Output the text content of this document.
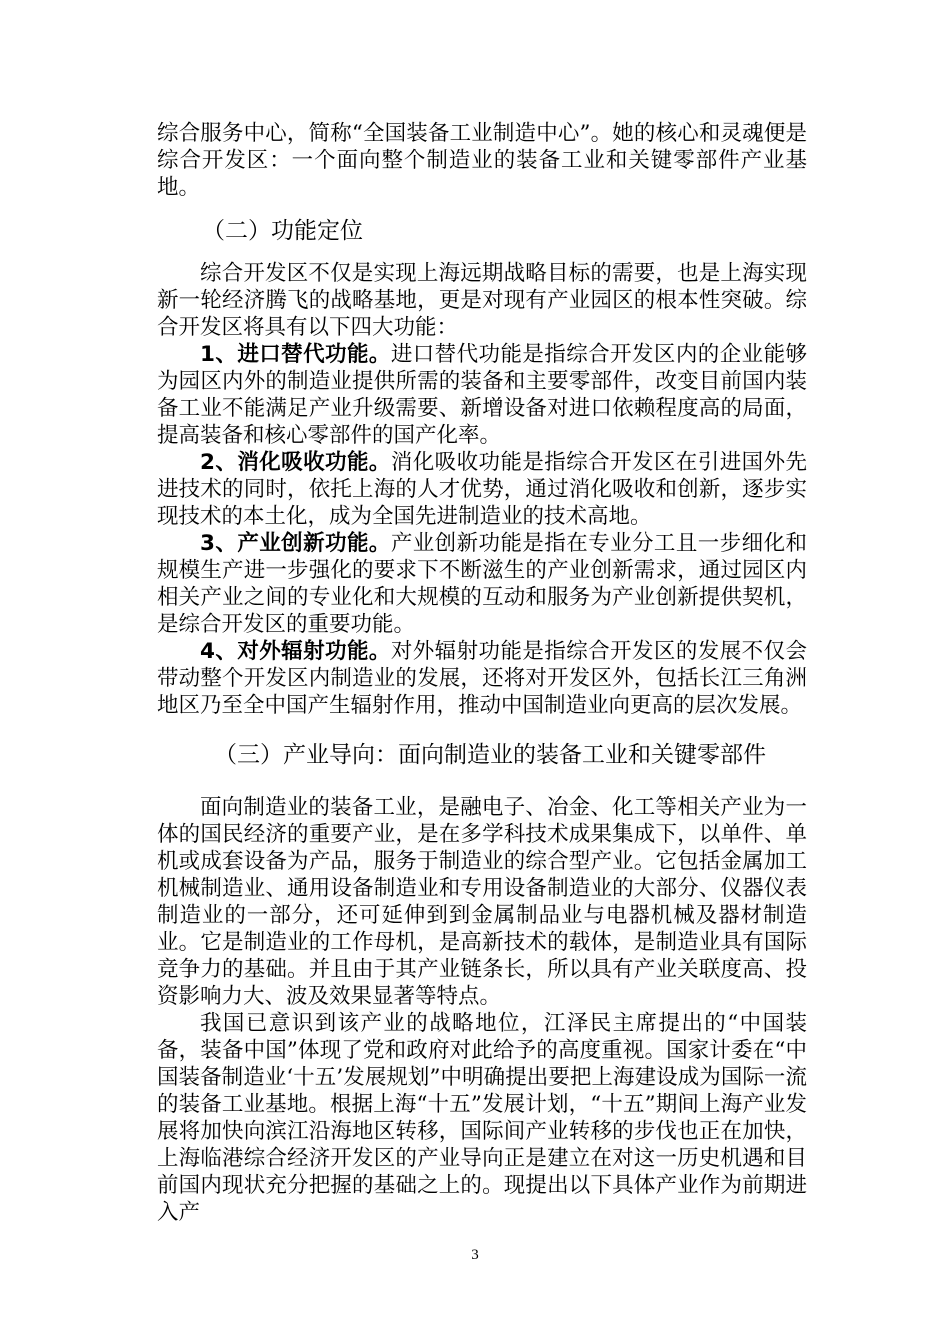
综合服务中心，简称“全国装备工业制造中心”。她的核心和灵魂便是综合开发区：一个面向整个制造业的装备工业和关键零部件产业基地。

（二）功能定位

综合开发区不仅是实现上海远期战略目标的需要，也是上海实现新一轮经济腾飞的战略基地，更是对现有产业园区的根本性突破。综合开发区将具有以下四大功能：

1、进口替代功能。进口替代功能是指综合开发区内的企业能够为园区内外的制造业提供所需的装备和主要零部件，改变目前国内装备工业不能满足产业升级需要、新增设备对进口依赖程度高的局面，提高装备和核心零部件的国产化率。

2、消化吸收功能。消化吸收功能是指综合开发区在引进国外先进技术的同时，依托上海的人才优势，通过消化吸收和创新，逐步实现技术的本土化，成为全国先进制造业的技术高地。

3、产业创新功能。产业创新功能是指在专业分工且一步细化和规模生产进一步强化的要求下不断滋生的产业创新需求，通过园区内相关产业之间的专业化和大规模的互动和服务为产业创新提供契机，是综合开发区的重要功能。

4、对外辐射功能。对外辐射功能是指综合开发区的发展不仅会带动整个开发区内制造业的发展，还将对开发区外，包括长江三角洲地区乃至全中国产生辐射作用，推动中国制造业向更高的层次发展。

（三）产业导向：面向制造业的装备工业和关键零部件

面向制造业的装备工业，是融电子、冶金、化工等相关产业为一体的国民经济的重要产业，是在多学科技术成果集成下，以单件、单机或成套设备为产品，服务于制造业的综合型产业。它包括金属加工机械制造业、通用设备制造业和专用设备制造业的大部分、仪器仪表制造业的一部分，还可延伸到到金属制品业与电器机械及器材制造业。它是制造业的工作母机，是高新技术的载体，是制造业具有国际竞争力的基础。并且由于其产业链条长，所以具有产业关联度高、投资影响力大、波及效果显著等特点。

我国已意识到该产业的战略地位，江泽民主席提出的“中国装备，装备中国”体现了党和政府对此给予的高度重视。国家计委在“中国装备制造业‘十五’发展规划”中明确提出要把上海建设成为国际一流的装备工业基地。根据上海“十五”发展计划，“十五”期间上海产业发展将加快向滨江沿海地区转移，国际间产业转移的步伐也正在加快，上海临港综合经济开发区的产业导向正是建立在对这一历史机遇和目前国内现状充分把握的基础之上的。现提出以下具体产业作为前期进入产

3
